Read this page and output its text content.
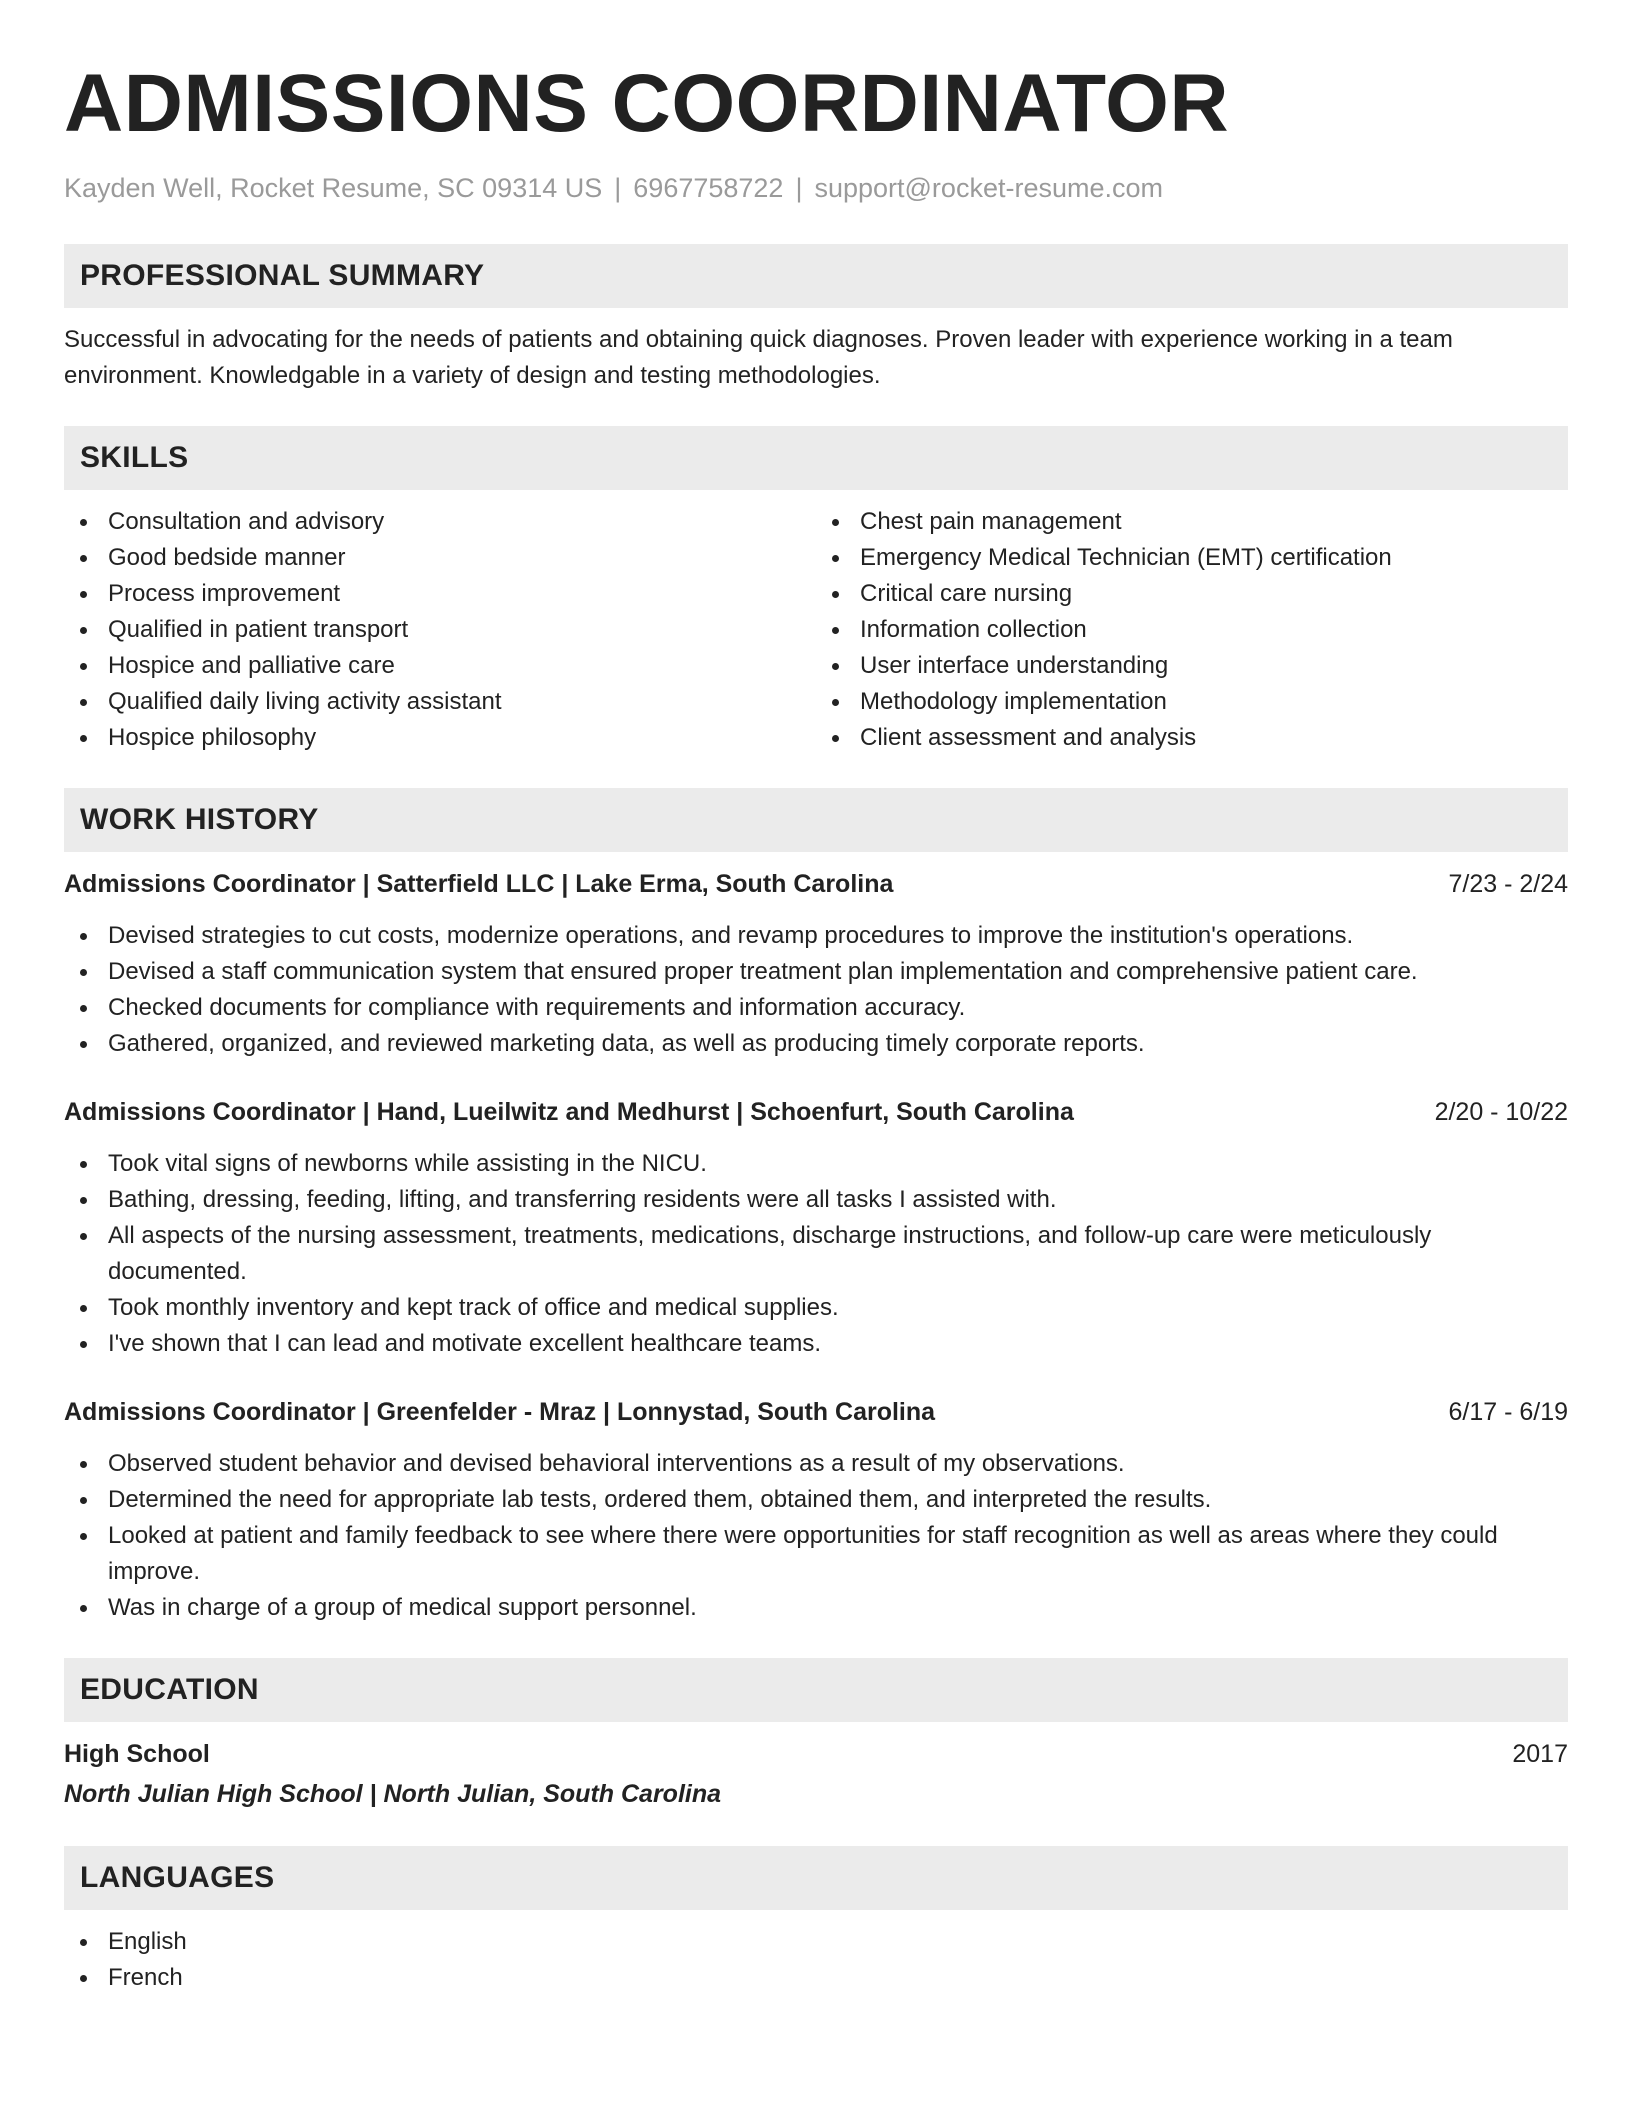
ADMISSIONS COORDINATOR
Kayden Well, Rocket Resume, SC 09314 US | 6967758722 | support@rocket-resume.com
PROFESSIONAL SUMMARY
Successful in advocating for the needs of patients and obtaining quick diagnoses. Proven leader with experience working in a team environment. Knowledgable in a variety of design and testing methodologies.
SKILLS
Consultation and advisory
Good bedside manner
Process improvement
Qualified in patient transport
Hospice and palliative care
Qualified daily living activity assistant
Hospice philosophy
Chest pain management
Emergency Medical Technician (EMT) certification
Critical care nursing
Information collection
User interface understanding
Methodology implementation
Client assessment and analysis
WORK HISTORY
Admissions Coordinator | Satterfield LLC | Lake Erma, South Carolina	7/23 - 2/24
Devised strategies to cut costs, modernize operations, and revamp procedures to improve the institution's operations.
Devised a staff communication system that ensured proper treatment plan implementation and comprehensive patient care.
Checked documents for compliance with requirements and information accuracy.
Gathered, organized, and reviewed marketing data, as well as producing timely corporate reports.
Admissions Coordinator | Hand, Lueilwitz and Medhurst | Schoenfurt, South Carolina	2/20 - 10/22
Took vital signs of newborns while assisting in the NICU.
Bathing, dressing, feeding, lifting, and transferring residents were all tasks I assisted with.
All aspects of the nursing assessment, treatments, medications, discharge instructions, and follow-up care were meticulously documented.
Took monthly inventory and kept track of office and medical supplies.
I've shown that I can lead and motivate excellent healthcare teams.
Admissions Coordinator | Greenfelder - Mraz | Lonnystad, South Carolina	6/17 - 6/19
Observed student behavior and devised behavioral interventions as a result of my observations.
Determined the need for appropriate lab tests, ordered them, obtained them, and interpreted the results.
Looked at patient and family feedback to see where there were opportunities for staff recognition as well as areas where they could improve.
Was in charge of a group of medical support personnel.
EDUCATION
High School	2017
North Julian High School | North Julian, South Carolina
LANGUAGES
English
French
